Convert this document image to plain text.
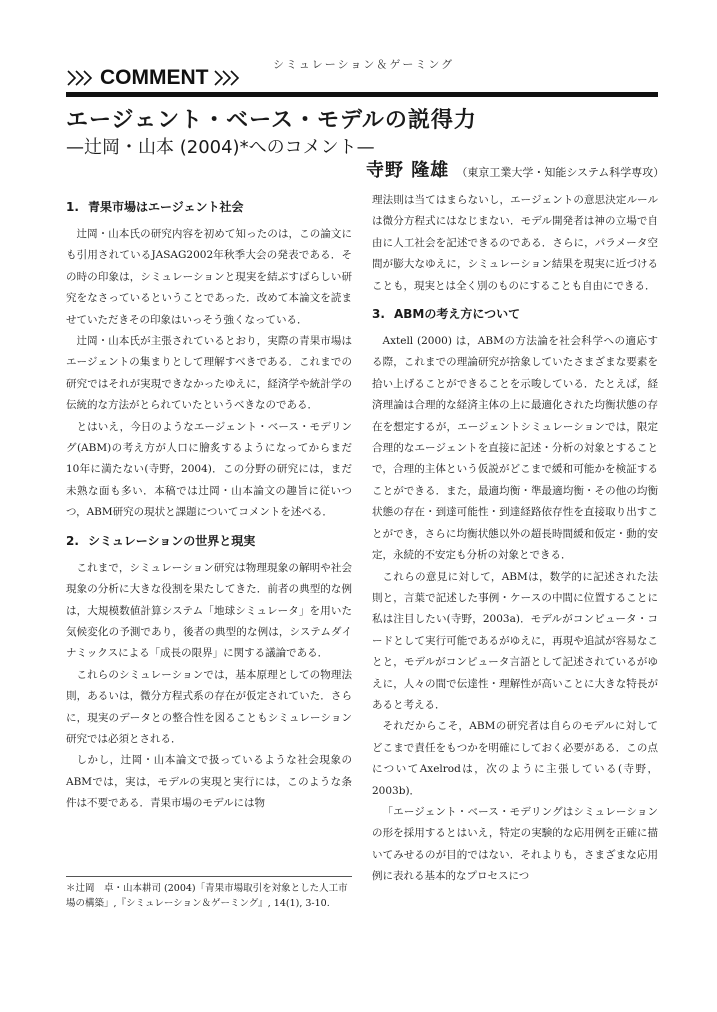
シミュレーション＆ゲーミング
COMMENT
エージェント・ベース・モデルの説得力
—辻岡・山本 (2004)*へのコメント—
寺野 隆雄 （東京工業大学・知能システム科学専攻）
1. 青果市場はエージェント社会

辻岡・山本氏の研究内容を初めて知ったのは，この論文にも引用されているJASAG2002年秋季大会の発表である．その時の印象は，シミュレーションと現実を結ぶすばらしい研究をなさっているということであった．改めて本論文を読ませていただきその印象はいっそう強くなっている．

辻岡・山本氏が主張されているとおり，実際の青果市場はエージェントの集まりとして理解すべきである．これまでの研究ではそれが実現できなかったゆえに，経済学や統計学の伝統的な方法がとられていたというべきなのである．

とはいえ，今日のようなエージェント・ベース・モデリング(ABM)の考え方が人口に膾炙するようになってからまだ10年に満たない(寺野，2004)．この分野の研究には，まだ未熟な面も多い．本稿では辻岡・山本論文の趣旨に従いつつ，ABM研究の現状と課題についてコメントを述べる．

2. シミュレーションの世界と現実

これまで，シミュレーション研究は物理現象の解明や社会現象の分析に大きな役割を果たしてきた．前者の典型的な例は，大規模数値計算システム「地球シミュレータ」を用いた気候変化の予測であり，後者の典型的な例は，システムダイナミックスによる「成長の限界」に関する議論である．

これらのシミュレーションでは，基本原理としての物理法則，あるいは，微分方程式系の存在が仮定されていた．さらに，現実のデータとの整合性を図ることもシミュレーション研究では必須とされる．

しかし，辻岡・山本論文で扱っているような社会現象のABMでは，実は，モデルの実現と実行には，このような条件は不要である．青果市場のモデルには物

＊辻岡　卓・山本耕司 (2004)「青果市場取引を対象とした人工市場の構築」,『シミュレーション＆ゲーミング』, 14(1), 3-10.

理法則は当てはまらないし，エージェントの意思決定ルールは微分方程式にはなじまない．モデル開発者は神の立場で自由に人工社会を記述できるのである．さらに，パラメータ空間が膨大なゆえに，シミュレーション結果を現実に近づけることも，現実とは全く別のものにすることも自由にできる．

3. ABMの考え方について

Axtell (2000) は，ABMの方法論を社会科学への適応する際，これまでの理論研究が捨象していたさまざまな要素を拾い上げることができることを示唆している．たとえば，経済理論は合理的な経済主体の上に最適化された均衡状態の存在を想定するが，エージェントシミュレーションでは，限定合理的なエージェントを直接に記述・分析の対象とすることで，合理的主体という仮説がどこまで緩和可能かを検証することができる．また，最適均衡・準最適均衡・その他の均衡状態の存在・到達可能性・到達経路依存性を直接取り出すことができ，さらに均衡状態以外の超長時間緩和仮定・動的安定，永続的不安定も分析の対象とできる．

これらの意見に対して，ABMは，数学的に記述された法則と，言葉で記述した事例・ケースの中間に位置することに私は注目したい(寺野，2003a)．モデルがコンピュータ・コードとして実行可能であるがゆえに，再現や追試が容易なことと，モデルがコンピュータ言語として記述されているがゆえに，人々の間で伝達性・理解性が高いことに大きな特長があると考える．

それだからこそ，ABMの研究者は自らのモデルに対してどこまで責任をもつかを明確にしておく必要がある．この点についてAxelrodは，次のように主張している(寺野，2003b)．

「エージェント・ベース・モデリングはシミュレーションの形を採用するとはいえ，特定の実験的な応用例を正確に描いてみせるのが目的ではない．それよりも，さまざまな応用例に表れる基本的なプロセスにつ
